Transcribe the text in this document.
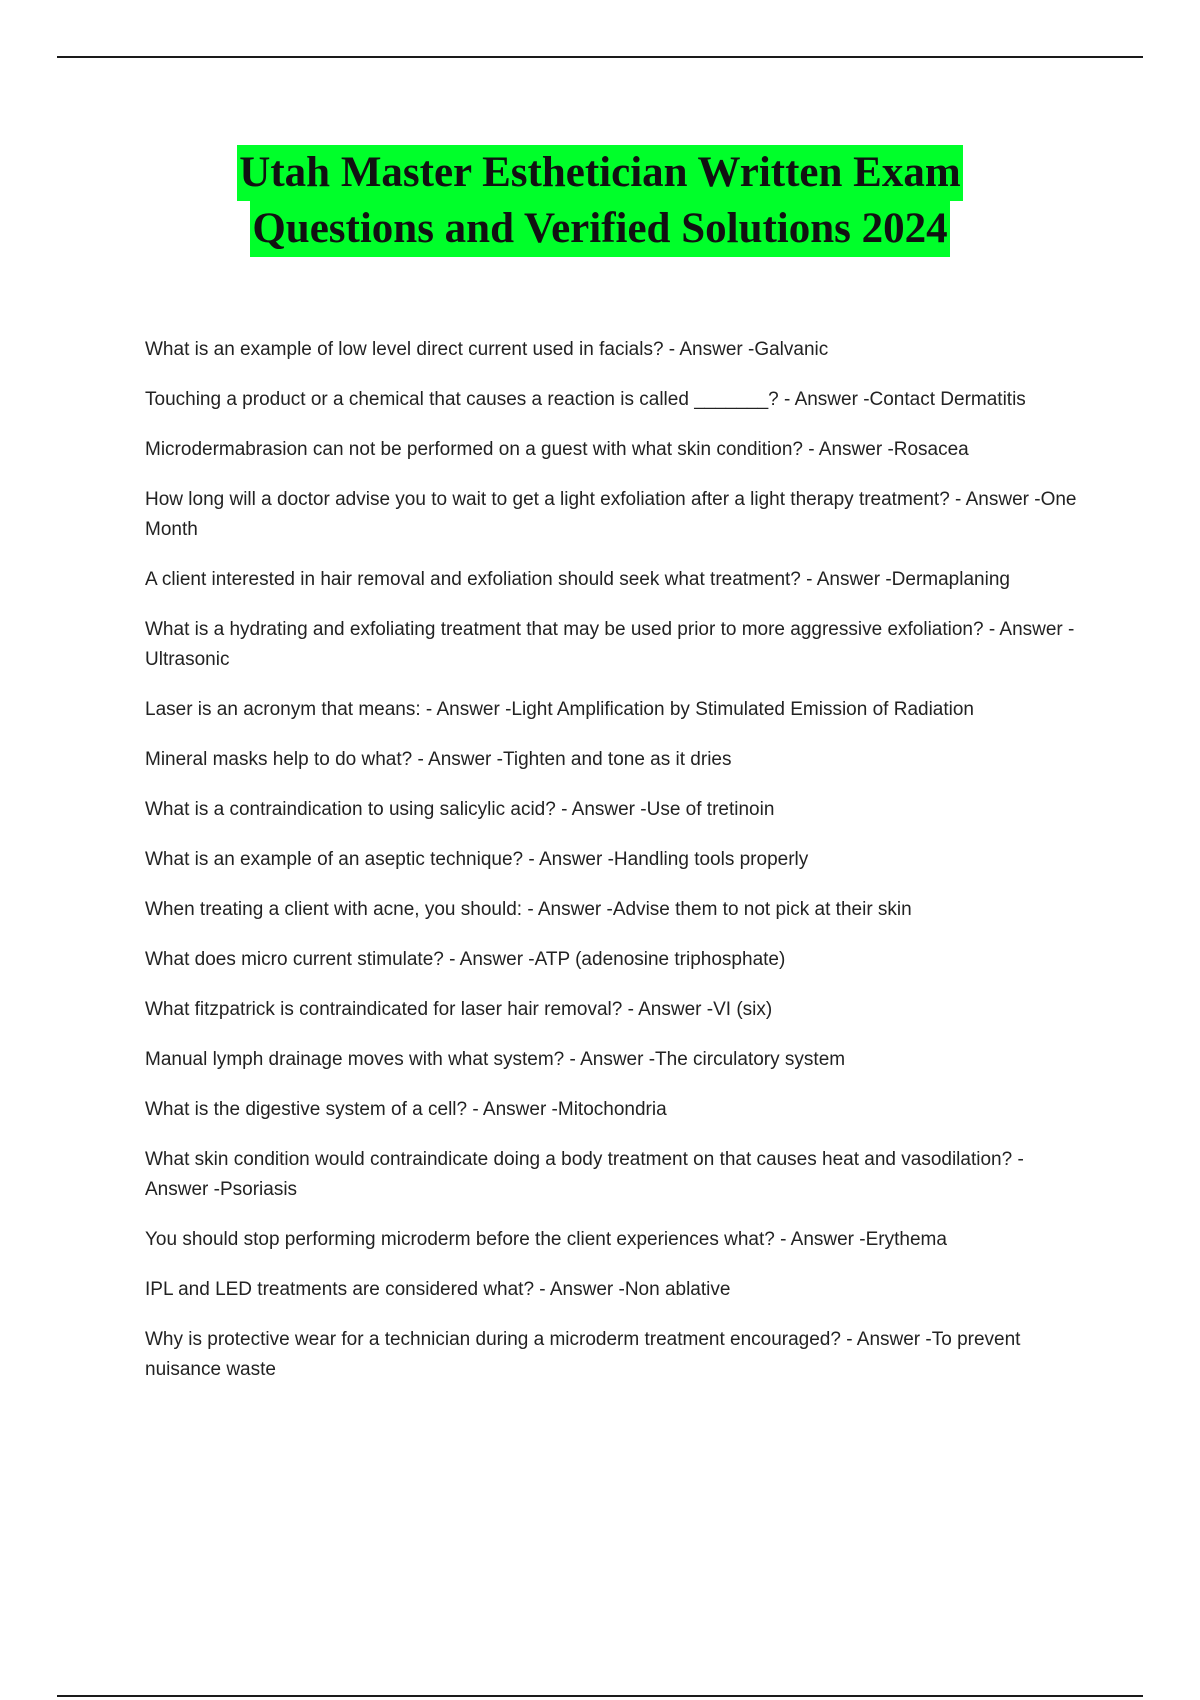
Utah Master Esthetician Written Exam
Questions and Verified Solutions 2024
What is an example of low level direct current used in facials? - Answer -Galvanic
Touching a product or a chemical that causes a reaction is called _______? - Answer -Contact Dermatitis
Microdermabrasion can not be performed on a guest with what skin condition? - Answer -Rosacea
How long will a doctor advise you to wait to get a light exfoliation after a light therapy treatment? - Answer -One Month
A client interested in hair removal and exfoliation should seek what treatment? - Answer -Dermaplaning
What is a hydrating and exfoliating treatment that may be used prior to more aggressive exfoliation? - Answer -Ultrasonic
Laser is an acronym that means: - Answer -Light Amplification by Stimulated Emission of Radiation
Mineral masks help to do what? - Answer -Tighten and tone as it dries
What is a contraindication to using salicylic acid? - Answer -Use of tretinoin
What is an example of an aseptic technique? - Answer -Handling tools properly
When treating a client with acne, you should: - Answer -Advise them to not pick at their skin
What does micro current stimulate? - Answer -ATP (adenosine triphosphate)
What fitzpatrick is contraindicated for laser hair removal? - Answer -VI (six)
Manual lymph drainage moves with what system? - Answer -The circulatory system
What is the digestive system of a cell? - Answer -Mitochondria
What skin condition would contraindicate doing a body treatment on that causes heat and vasodilation? - Answer -Psoriasis
You should stop performing microderm before the client experiences what? - Answer -Erythema
IPL and LED treatments are considered what? - Answer -Non ablative
Why is protective wear for a technician during a microderm treatment encouraged? - Answer -To prevent nuisance waste
